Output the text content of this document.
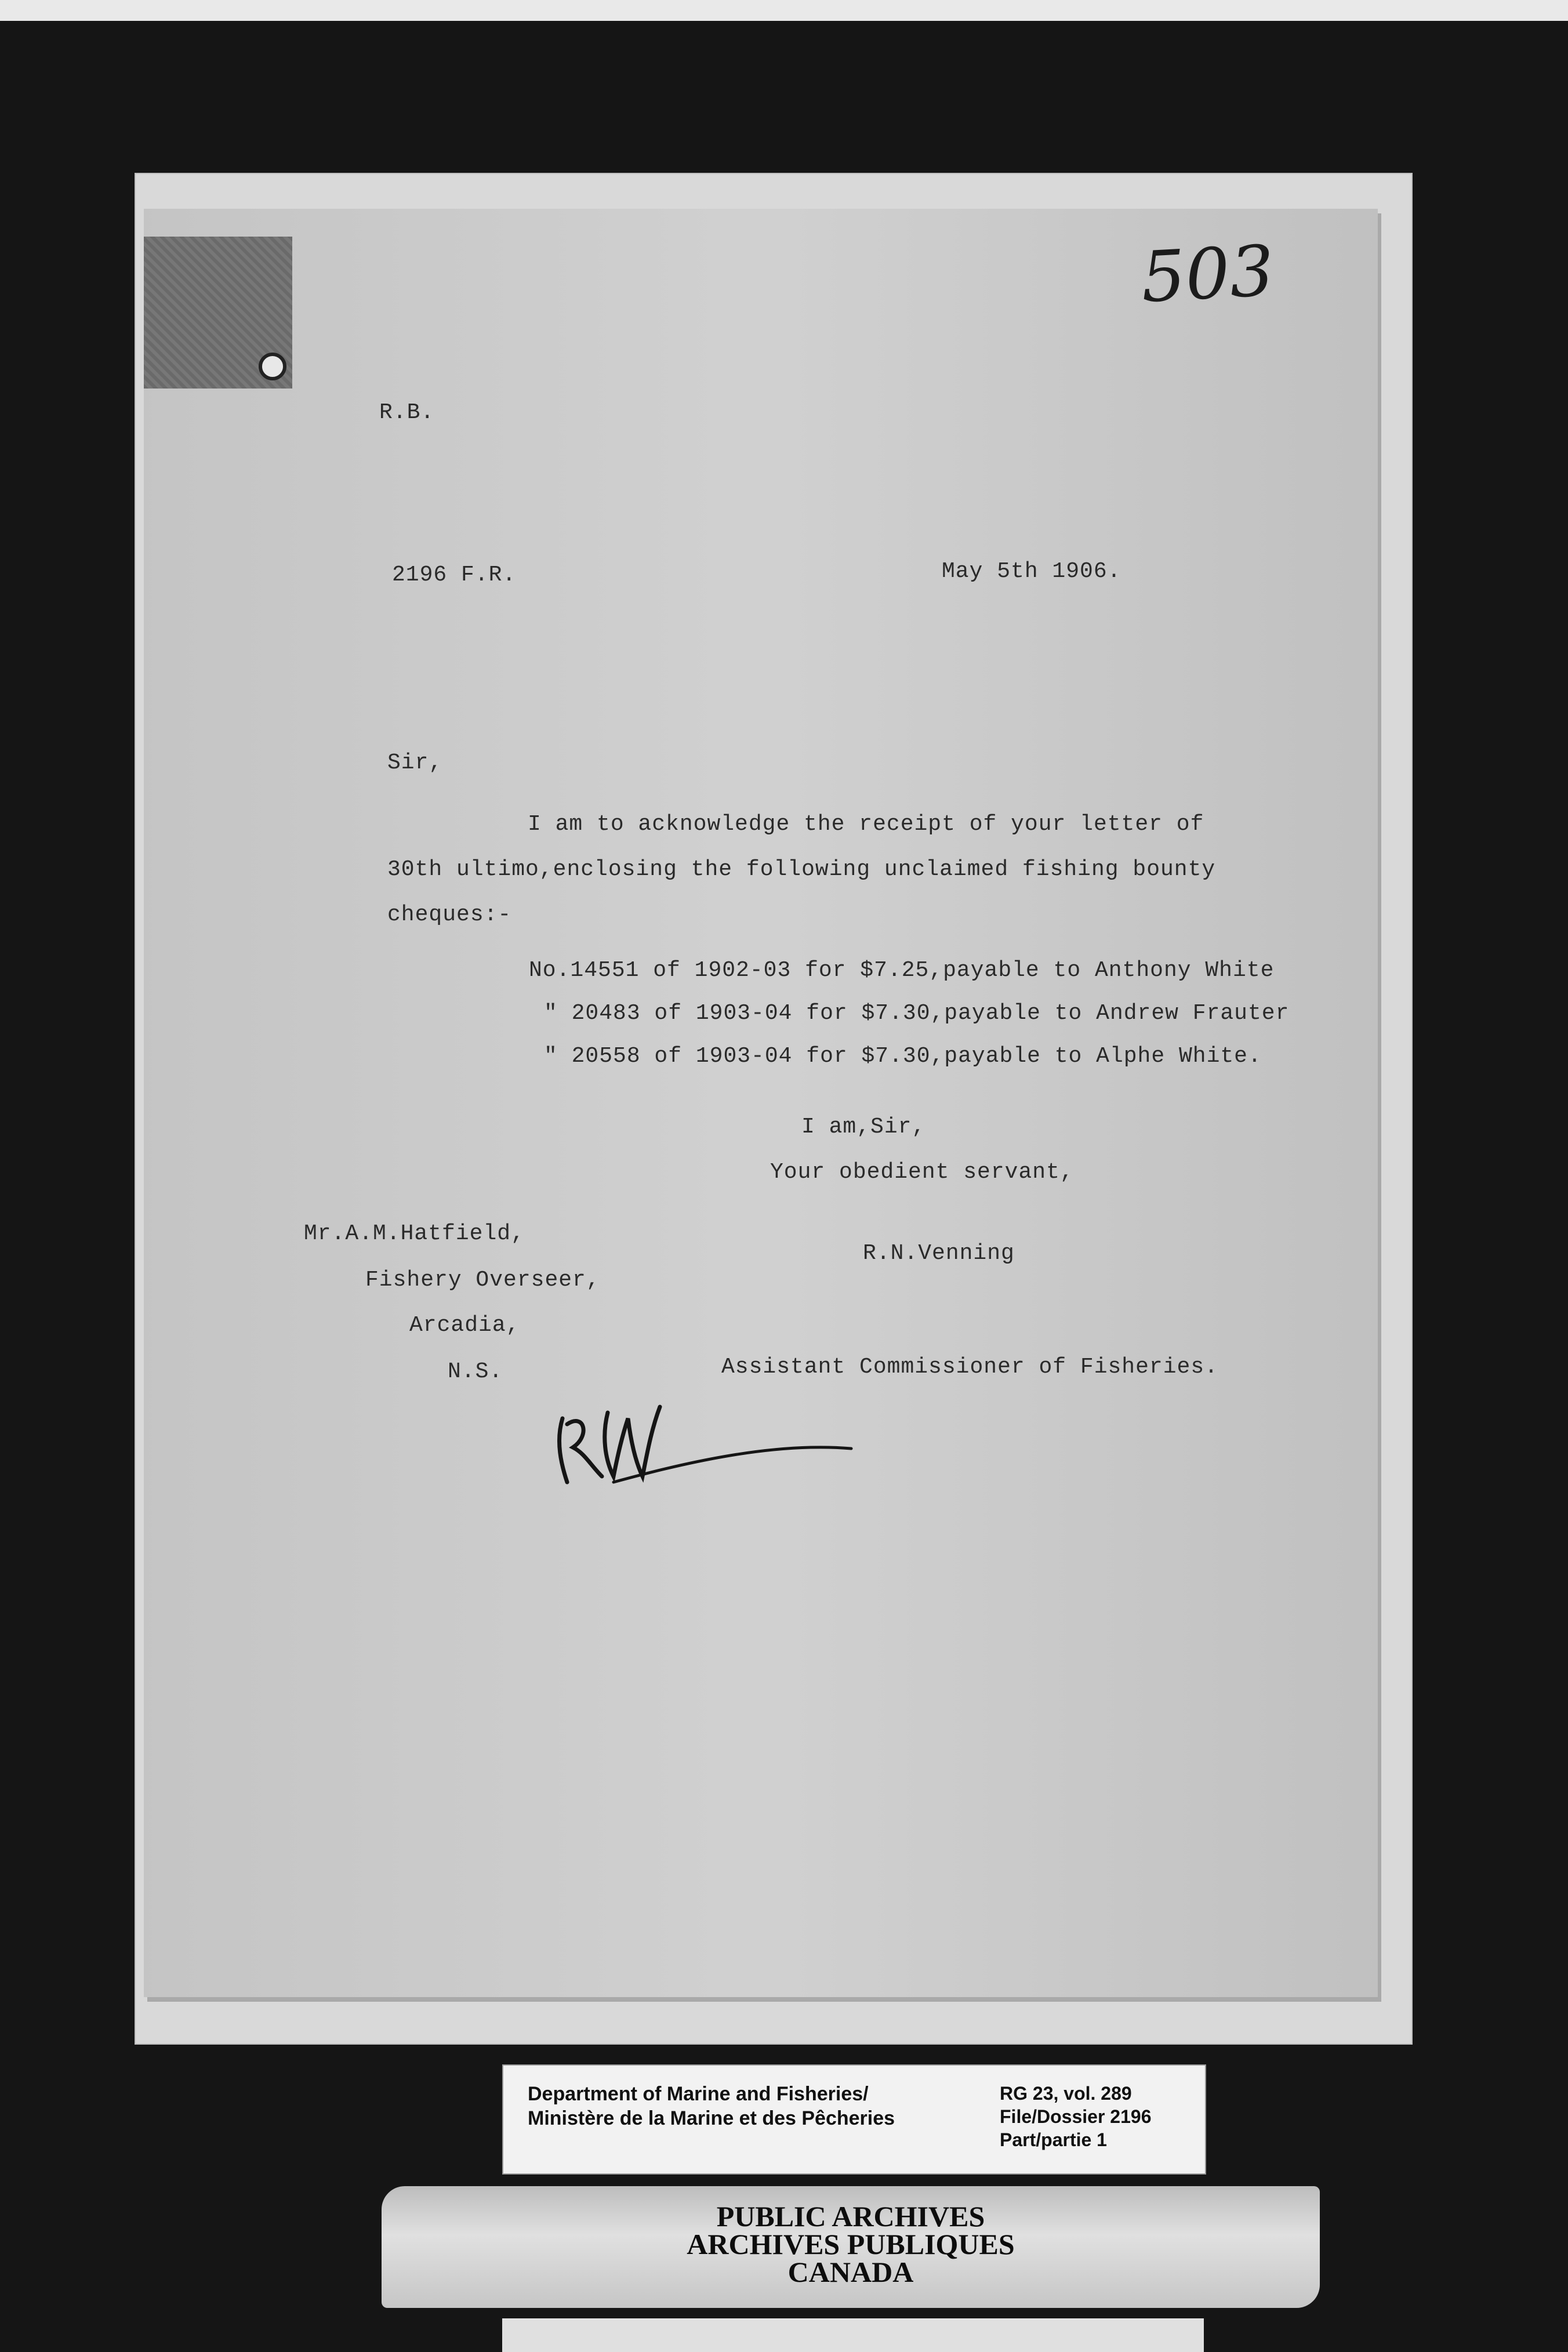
503
R.B.
2196 F.R.	May 5th 1906.
Sir,
I am to acknowledge the receipt of your letter of
30th ultimo,enclosing the following unclaimed fishing bounty
cheques:-
No.14551 of 1902-03 for $7.25,payable to Anthony White
" 20483 of 1903-04 for $7.30,payable to Andrew Frauter
" 20558 of 1903-04 for $7.30,payable to Alphe White.
I am,Sir,
Your obedient servant,
Mr.A.M.Hatfield,
Fishery Overseer,
Arcadia,
N.S.
R.N.Venning
Assistant Commissioner of Fisheries.
Department of Marine and Fisheries/
Ministère de la Marine et des Pêcheries
RG 23, vol. 289
File/Dossier 2196
Part/partie 1
PUBLIC ARCHIVES
ARCHIVES PUBLIQUES
CANADA
